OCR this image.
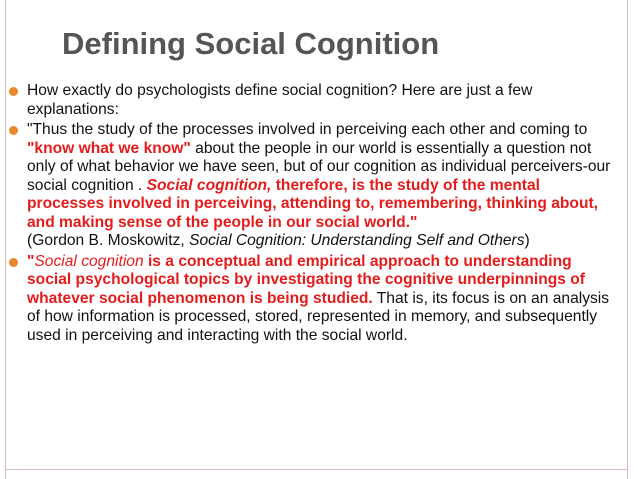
Defining Social Cognition
How exactly do psychologists define social cognition? Here are just a few explanations:
"Thus the study of the processes involved in perceiving each other and coming to "know what we know" about the people in our world is essentially a question not only of what behavior we have seen, but of our cognition as individual perceivers-our social cognition . Social cognition, therefore, is the study of the mental processes involved in perceiving, attending to, remembering, thinking about, and making sense of the people in our social world."
(Gordon B. Moskowitz, Social Cognition: Understanding Self and Others)
"Social cognition is a conceptual and empirical approach to understanding social psychological topics by investigating the cognitive underpinnings of whatever social phenomenon is being studied. That is, its focus is on an analysis of how information is processed, stored, represented in memory, and subsequently used in perceiving and interacting with the social world.
